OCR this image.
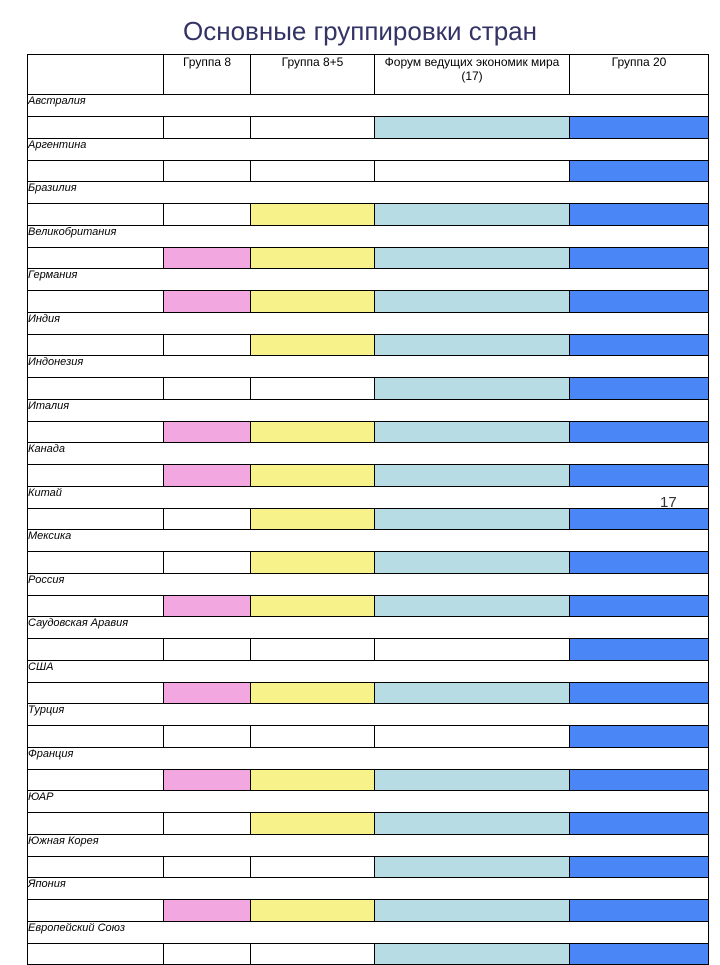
Основные группировки стран
	Группа 8	Группа 8+5	Форум ведущих экономик мира (17)	Группа 20
Австралия				

Аргентина				

Бразилия				

Великобритания				

Германия				

Индия				

Индонезия				

Италия				

Канада				

Китай				

Мексика				

Россия				

Саудовская Аравия				

США				

Турция				

Франция				

ЮАР				

Южная Корея				

Япония				

Европейский Союз				

17
